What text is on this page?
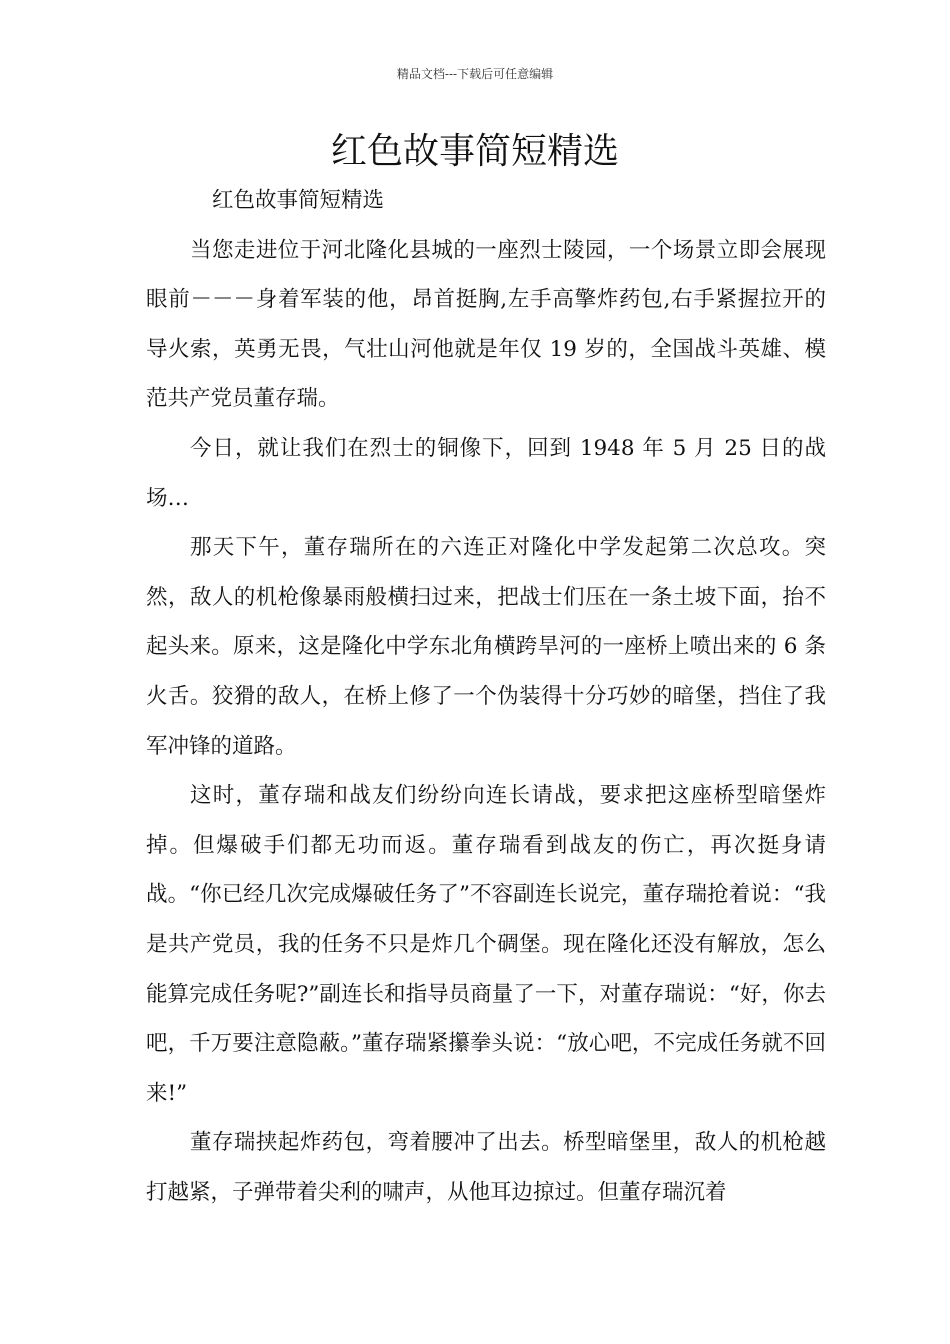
精品文档---下载后可任意编辑
红色故事简短精选

红色故事简短精选

当您走进位于河北隆化县城的一座烈士陵园，一个场景立即会展现眼前－－－身着军装的他，昂首挺胸,左手高擎炸药包,右手紧握拉开的导火索，英勇无畏，气壮山河他就是年仅 19 岁的，全国战斗英雄、模范共产党员董存瑞。

今日，就让我们在烈士的铜像下，回到 1948 年 5 月 25 日的战场…

那天下午，董存瑞所在的六连正对隆化中学发起第二次总攻。突然，敌人的机枪像暴雨般横扫过来，把战士们压在一条土坡下面，抬不起头来。原来，这是隆化中学东北角横跨旱河的一座桥上喷出来的 6 条火舌。狡猾的敌人，在桥上修了一个伪装得十分巧妙的暗堡，挡住了我军冲锋的道路。

这时，董存瑞和战友们纷纷向连长请战，要求把这座桥型暗堡炸掉。但爆破手们都无功而返。董存瑞看到战友的伤亡，再次挺身请战。“你已经几次完成爆破任务了”不容副连长说完，董存瑞抢着说：“我是共产党员，我的任务不只是炸几个碉堡。现在隆化还没有解放，怎么能算完成任务呢?”副连长和指导员商量了一下，对董存瑞说：“好，你去吧，千万要注意隐蔽。”董存瑞紧攥拳头说：“放心吧，不完成任务就不回来!”

董存瑞挟起炸药包，弯着腰冲了出去。桥型暗堡里，敌人的机枪越打越紧，子弹带着尖利的啸声，从他耳边掠过。但董存瑞沉着
